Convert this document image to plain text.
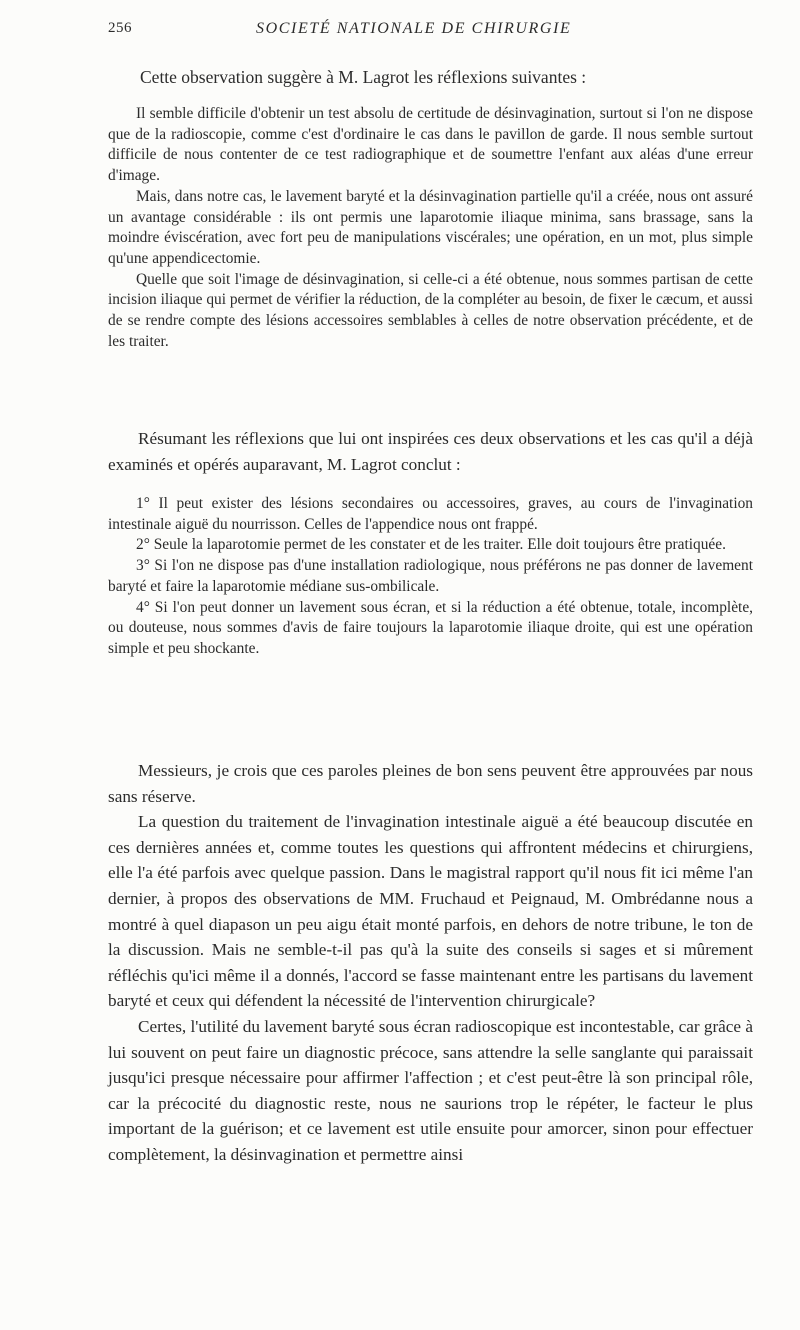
256	SOCIETÉ NATIONALE DE CHIRURGIE
Cette observation suggère à M. Lagrot les réflexions suivantes :

Il semble difficile d'obtenir un test absolu de certitude de désinvagination, surtout si l'on ne dispose que de la radioscopie, comme c'est d'ordinaire le cas dans le pavillon de garde. Il nous semble surtout difficile de nous contenter de ce test radiographique et de soumettre l'enfant aux aléas d'une erreur d'image.

Mais, dans notre cas, le lavement baryté et la désinvagination partielle qu'il a créée, nous ont assuré un avantage considérable : ils ont permis une laparotomie iliaque minima, sans brassage, sans la moindre éviscération, avec fort peu de manipulations viscérales; une opération, en un mot, plus simple qu'une appendicectomie.

Quelle que soit l'image de désinvagination, si celle-ci a été obtenue, nous sommes partisan de cette incision iliaque qui permet de vérifier la réduction, de la compléter au besoin, de fixer le cæcum, et aussi de se rendre compte des lésions accessoires semblables à celles de notre observation précédente, et de les traiter.

Résumant les réflexions que lui ont inspirées ces deux observations et les cas qu'il a déjà examinés et opérés auparavant, M. Lagrot conclut :

1° Il peut exister des lésions secondaires ou accessoires, graves, au cours de l'invagination intestinale aiguë du nourrisson. Celles de l'appendice nous ont frappé.

2° Seule la laparotomie permet de les constater et de les traiter. Elle doit toujours être pratiquée.

3° Si l'on ne dispose pas d'une installation radiologique, nous préférons ne pas donner de lavement baryté et faire la laparotomie médiane sus-ombilicale.

4° Si l'on peut donner un lavement sous écran, et si la réduction a été obtenue, totale, incomplète, ou douteuse, nous sommes d'avis de faire toujours la laparotomie iliaque droite, qui est une opération simple et peu shockante.

Messieurs, je crois que ces paroles pleines de bon sens peuvent être approuvées par nous sans réserve.

La question du traitement de l'invagination intestinale aiguë a été beaucoup discutée en ces dernières années et, comme toutes les questions qui affrontent médecins et chirurgiens, elle l'a été parfois avec quelque passion. Dans le magistral rapport qu'il nous fit ici même l'an dernier, à propos des observations de MM. Fruchaud et Peignaud, M. Ombrédanne nous a montré à quel diapason un peu aigu était monté parfois, en dehors de notre tribune, le ton de la discussion. Mais ne semble-t-il pas qu'à la suite des conseils si sages et si mûrement réfléchis qu'ici même il a donnés, l'accord se fasse maintenant entre les partisans du lavement baryté et ceux qui défendent la nécessité de l'intervention chirurgicale?

Certes, l'utilité du lavement baryté sous écran radioscopique est incontestable, car grâce à lui souvent on peut faire un diagnostic précoce, sans attendre la selle sanglante qui paraissait jusqu'ici presque nécessaire pour affirmer l'affection ; et c'est peut-être là son principal rôle, car la précocité du diagnostic reste, nous ne saurions trop le répéter, le facteur le plus important de la guérison; et ce lavement est utile ensuite pour amorcer, sinon pour effectuer complètement, la désinvagination et permettre ainsi
